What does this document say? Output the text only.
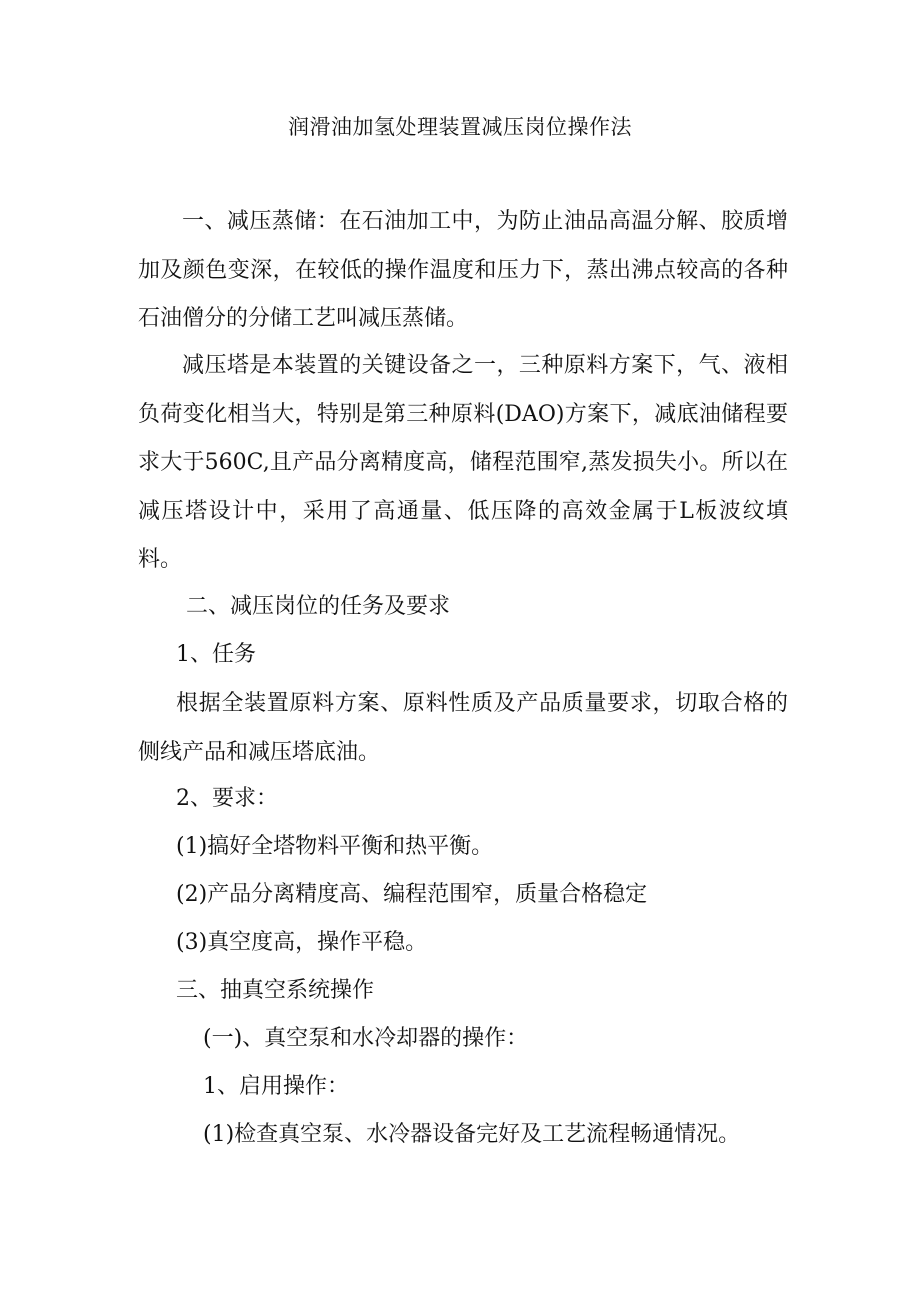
润滑油加氢处理装置减压岗位操作法

一、减压蒸储：在石油加工中，为防止油品高温分解、胶质增加及颜色变深，在较低的操作温度和压力下，蒸出沸点较高的各种石油僧分的分储工艺叫减压蒸储。

减压塔是本装置的关键设备之一，三种原料方案下，气、液相负荷变化相当大，特别是第三种原料(DAO)方案下，减底油储程要求大于560C,且产品分离精度高，储程范围窄,蒸发损失小。所以在减压塔设计中，采用了高通量、低压降的高效金属于L板波纹填料。

二、减压岗位的任务及要求
1、任务

根据全装置原料方案、原料性质及产品质量要求，切取合格的侧线产品和减压塔底油。

2、要求：
(1)搞好全塔物料平衡和热平衡。
(2)产品分离精度高、编程范围窄，质量合格稳定
(3)真空度高，操作平稳。
三、抽真空系统操作
(一)、真空泵和水冷却器的操作：
1、启用操作：
(1)检查真空泵、水冷器设备完好及工艺流程畅通情况。
